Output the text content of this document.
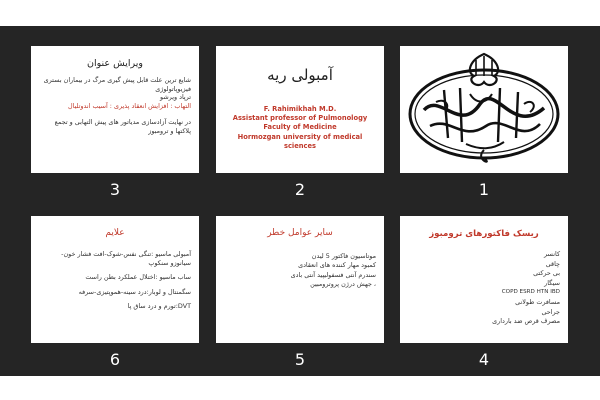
1
آمبولی ریه
F. Rahimikhah M.D.
Assistant professor of Pulmonology
Faculty of Medicine
Hormozgan university of medical
sciences
2
ویرایش عنوان
شایع ترین علت قابل پیش گیری مرگ در بیماران بستری
فیزیوپاتولوژی
ترپاد ویرشو
التهاب : افزایش انعقاد پذیری : آسیب اندوتلیال
در نهایت آزادسازی مدیاتور های پیش التهابی و تجمع
پلاکتها و ترومبوز
3
ریسک فاکتورهای ترومبوز
کانسر
چاقی
بی حرکتی
سیگار
COPD ESRD HTN IBD
مسافرت طولانی
جراحی
مصرف قرص ضد بارداری
4
سایر عوامل خطر
موتاسیون فاکتور 5 لیدن
کمبود مهار کننده های انعقادی
سندرم آنتی فسفولیپید آنتی بادی
، جهش درژن پروترومبین
5
علایم
آمبولی ماسیو :تنگی نفس-شوک-افت فشار خون-
سیانوزو سنکوپ
ساب ماسیو :اختلال عملکرد بطن راست
سگمنتال و لوبار:درد سینه-هموپتیزی-سرفه
DVT:تورم و درد ساق پا
6
